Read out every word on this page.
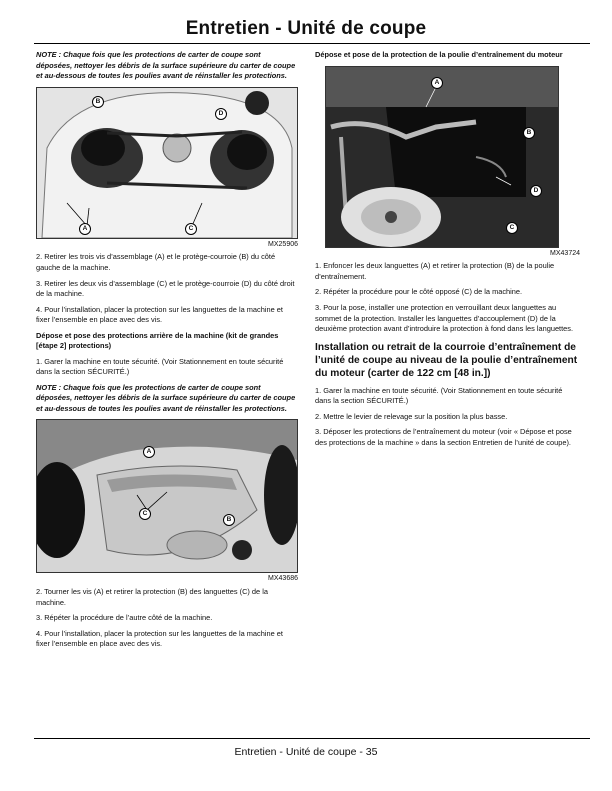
Entretien - Unité de coupe

NOTE : Chaque fois que les protections de carter de coupe sont déposées, nettoyer les débris de la surface supérieure du carter de coupe et au-dessous de toutes les poulies avant de réinstaller les protections.

B
D
A	C

MX25906

2. Retirer les trois vis d’assemblage (A) et le protège-courroie (B) du côté gauche de la machine.

3. Retirer les deux vis d’assemblage (C) et le protège-courroie (D) du côté droit de la machine.

4. Pour l’installation, placer la protection sur les languettes de la machine et fixer l’ensemble en place avec des vis.

Dépose et pose des protections arrière de la machine (kit de grandes [étape 2] protections)

1. Garer la machine en toute sécurité. (Voir Stationnement en toute sécurité dans la section SÉCURITÉ.)

NOTE : Chaque fois que les protections de carter de coupe sont déposées, nettoyer les débris de la surface supérieure du carter de coupe et au-dessous de toutes les poulies avant de réinstaller les protections.

A
C
B

MX43686

2. Tourner les vis (A) et retirer la protection (B) des languettes (C) de la machine.

3. Répéter la procédure de l’autre côté de la machine.

4. Pour l’installation, placer la protection sur les languettes de la machine et fixer l’ensemble en place avec des vis.

Dépose et pose de la protection de la poulie d’entraînement du moteur

A
B
D
C

MX43724

1. Enfoncer les deux languettes (A) et retirer la protection (B) de la poulie d’entraînement.

2. Répéter la procédure pour le côté opposé (C) de la machine.

3. Pour la pose, installer une protection en verrouillant deux languettes au sommet de la protection. Installer les languettes d’accouplement (D) de la deuxième protection avant d’introduire la protection à fond dans les languettes.

Installation ou retrait de la courroie d’entraînement de l’unité de coupe au niveau de la poulie d’entraînement du moteur (carter de 122 cm [48 in.])

1. Garer la machine en toute sécurité. (Voir Stationnement en toute sécurité dans la section SÉCURITÉ.)

2. Mettre le levier de relevage sur la position la plus basse.

3. Déposer les protections de l’entraînement du moteur (voir « Dépose et pose des protections de la machine » dans la section Entretien de l’unité de coupe).

Entretien - Unité de coupe - 35
